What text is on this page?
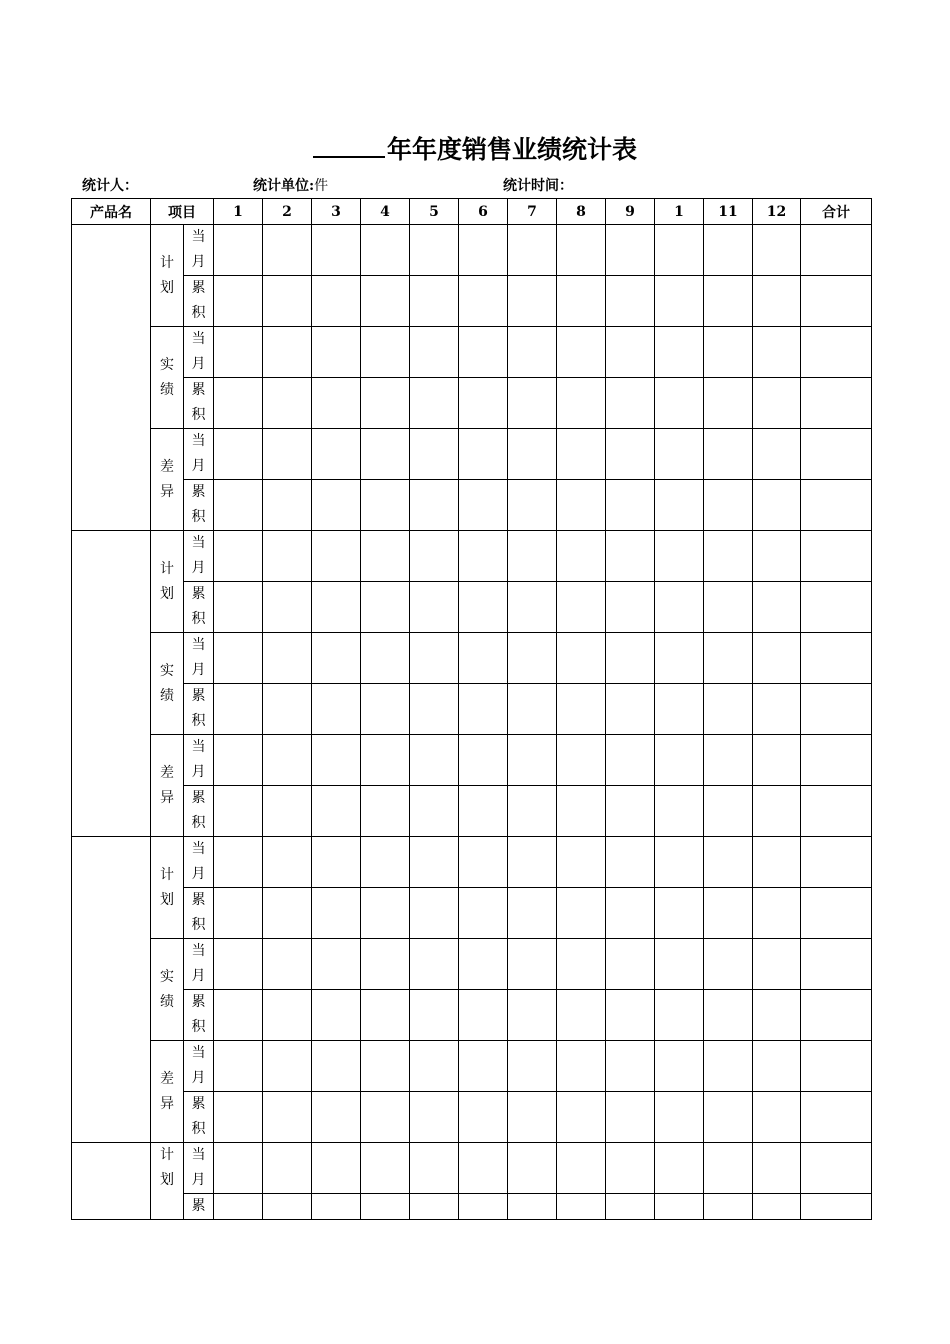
年年度销售业绩统计表
统计人：	统计单位:件	统计时间：
产品名	项目		1	2	3	4	5	6	7	8	9	1	11	12	合计
	计划	当月													
		累积													
	实绩	当月													
		累积													
	差异	当月													
		累积													
	计划	当月													
		累积													
	实绩	当月													
		累积													
	差异	当月													
		累积													
	计划	当月													
		累积													
	实绩	当月													
		累积													
	差异	当月													
		累积													
	计划	当月													
		累													
